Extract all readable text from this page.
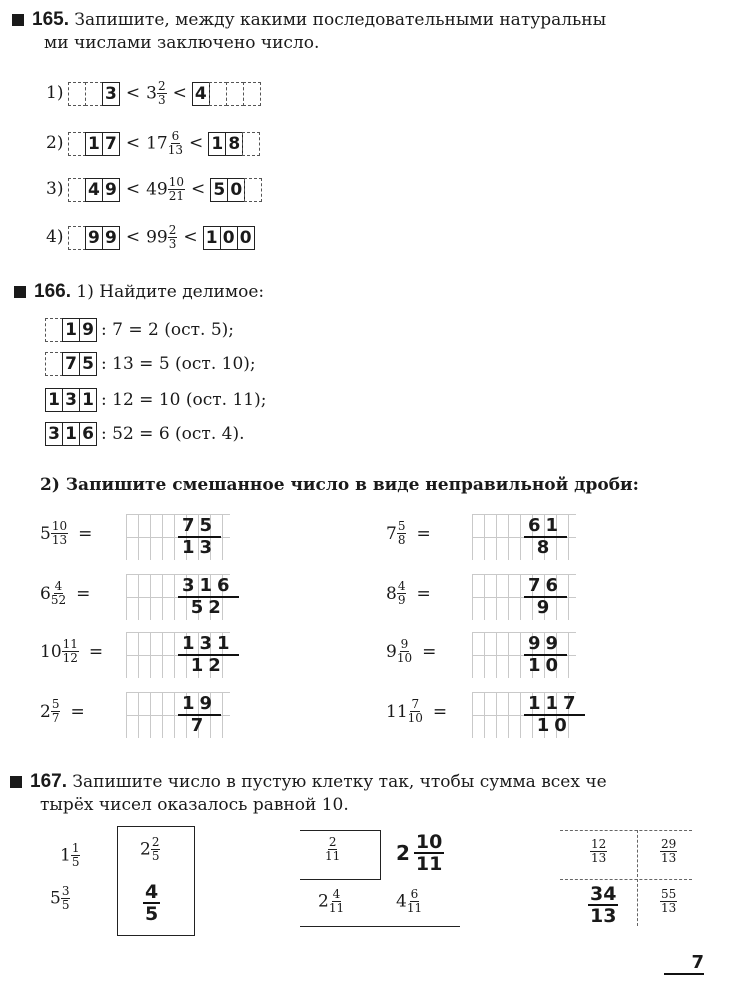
165. Запишите, между какими последовательными натуральны
ми числами заключено число.
1) $3 < 3 \frac{2}{3} < 4$
2) 1 $7 < 17 \frac{6}{13} < 1$ 8
3) 4 $9 < 49 \frac{10}{21} < 5$ 0
4) 9 $9 < 99 \frac{2}{3} < 1$ 0 0
166. 1) Найдите делимое:
1 9 : 7 = 2 (ост. 5);
7 5 : 13 = 5 (ост. 10);
1 3 1 : 12 = 10 (ост. 11);
3 1 6 : 52 = 6 (ост. 4).
2) Запишите смешанное число в виде неправильной дроби:
$5 \frac{10}{13}$ =	$\frac{75}{13}$
$6 \frac{4}{52}$ =	$\frac{316}{52}$
$10 \frac{11}{12}$ =	$\frac{131}{12}$
$2 \frac{5}{7}$ =	$\frac{19}{7}$
$7 \frac{5}{8}$ =	$\frac{61}{8}$
$8 \frac{4}{9}$ =	$\frac{76}{9}$
$9 \frac{9}{10}$ =	$\frac{99}{10}$
$11 \frac{7}{10}$ =	$\frac{117}{10}$
167. Запишите число в пустую клетку так, чтобы сумма всех че
тырёх чисел оказалось равной 10.
$1 \frac{1}{5}$	$2 \frac{2}{5}$
$5 \frac{3}{5}$	$\frac{4}{5}$
$\frac{2}{11}$	$2 \frac{10}{11}$
$2 \frac{4}{11}$	$4 \frac{6}{11}$
$\frac{12}{13}$	$\frac{29}{13}$
$\frac{34}{13}$	$\frac{55}{13}$
7
